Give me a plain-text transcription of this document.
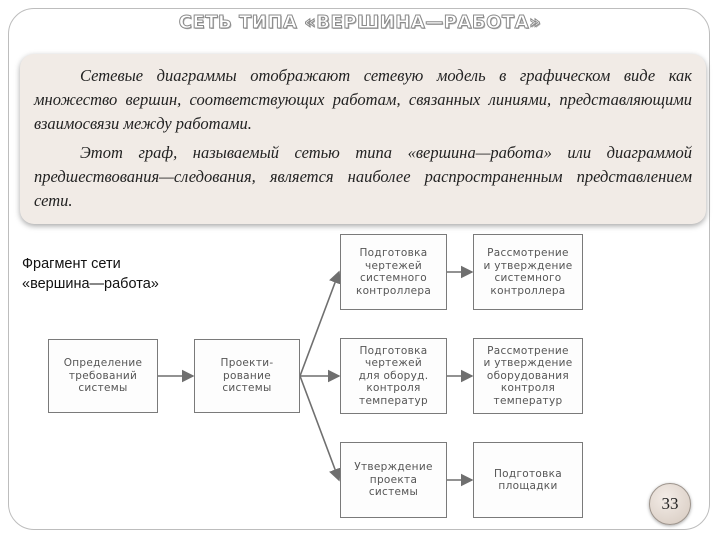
СЕТЬ ТИПА «ВЕРШИНА—РАБОТА»

Сетевые диаграммы отображают сетевую модель в графическом виде как множество вершин, соответствующих работам, связанных линиями, представляющими взаимосвязи между работами.

Этот граф, называемый сетью типа «вершина—работа» или диаграммой предшествования—следования, является наиболее распространенным представлением сети.

Фрагмент сети
«вершина—работа»
Определение
требований
системы
Проекти-
рование
системы
Подготовка
чертежей
системного
контроллера
Рассмотрение
и утверждение
системного
контроллера
Подготовка
чертежей
для оборуд.
контроля
температур
Рассмотрение
и утверждение
оборудования
контроля
температур
Утверждение
проекта
системы
Подготовка
площадки
33
